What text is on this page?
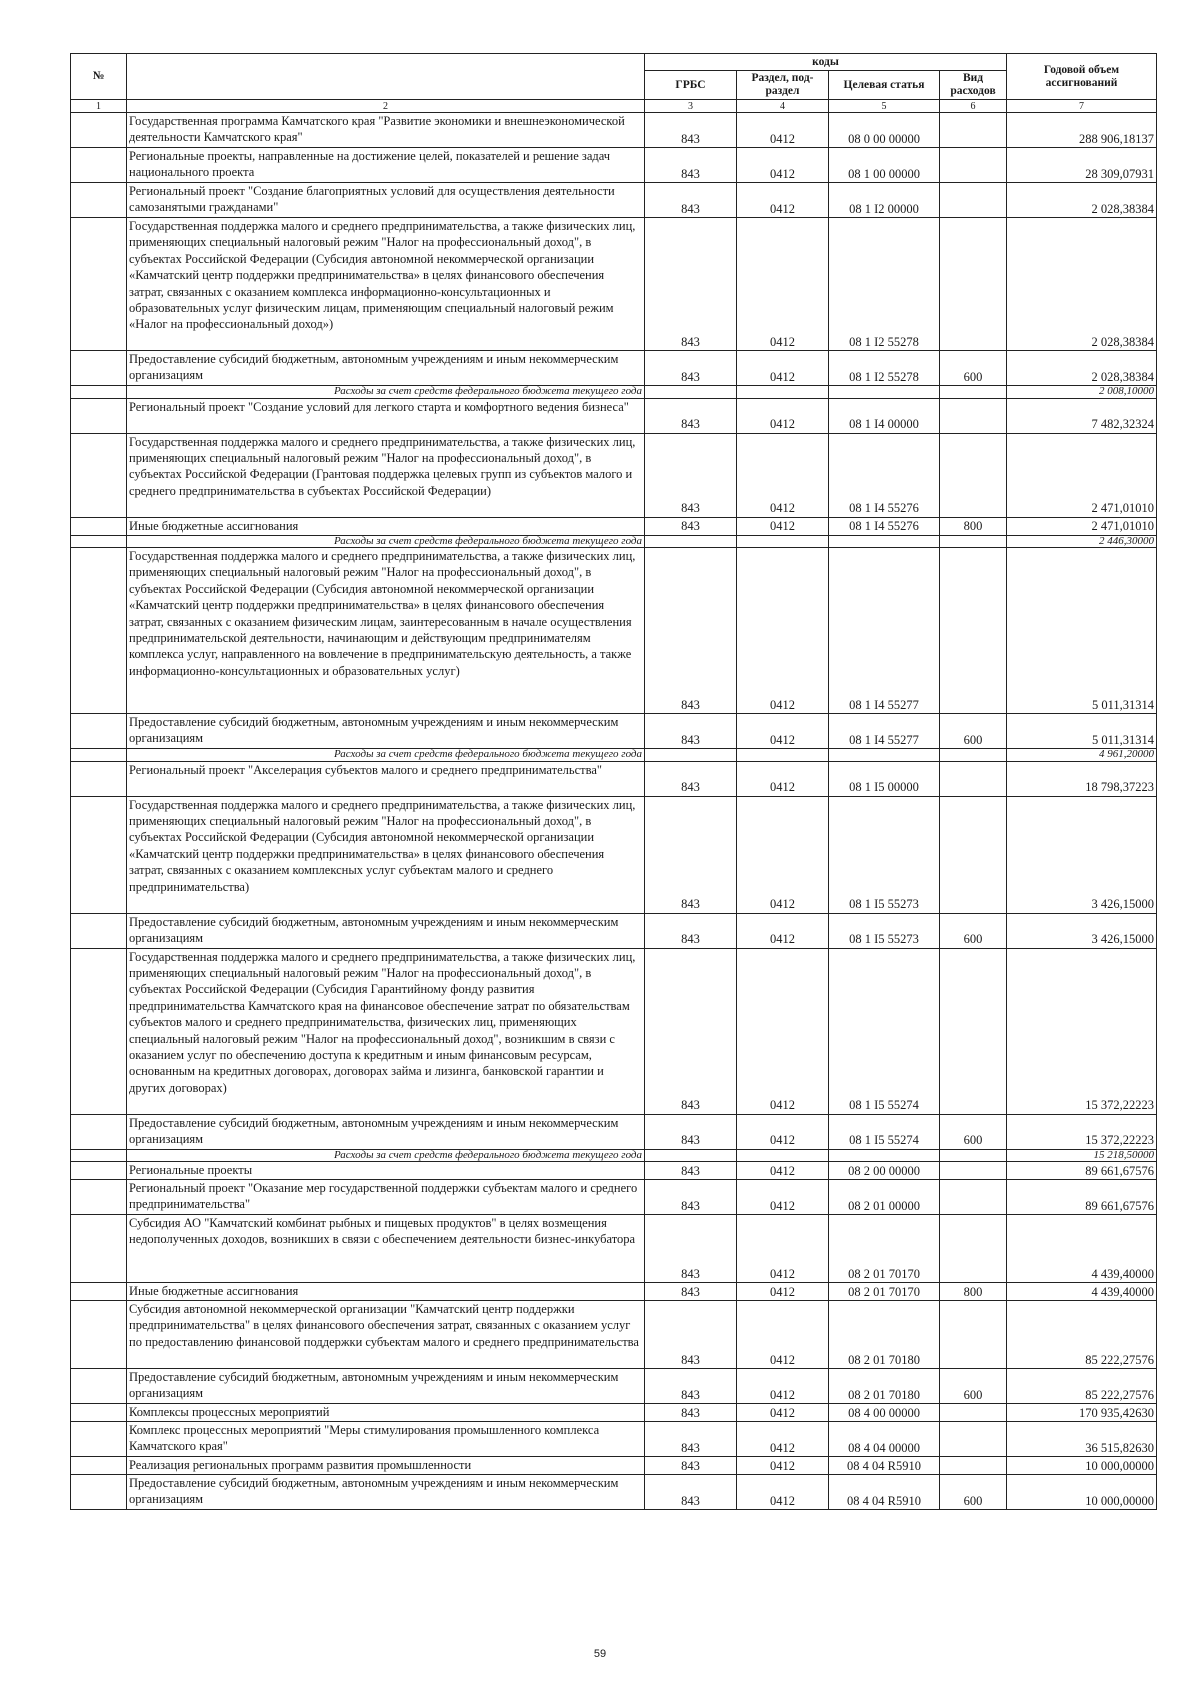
№		коды				Годовой объем ассигнований
		ГРБС	Раздел, под-раздел	Целевая статья	Вид расходов	
1	2	3	4	5	6	7
	Государственная программа Камчатского края "Развитие экономики и внешнеэкономической деятельности Камчатского края"	843	0412	08 0 00 00000		288 906,18137
	Региональные проекты, направленные на достижение целей, показателей и решение задач национального проекта	843	0412	08 1 00 00000		28 309,07931
	Региональный проект "Создание благоприятных условий для осуществления деятельности самозанятыми гражданами"	843	0412	08 1 I2 00000		2 028,38384
	Государственная поддержка малого и среднего предпринимательства, а также физических лиц, применяющих специальный налоговый режим "Налог на профессиональный доход", в субъектах Российской Федерации (Субсидия автономной некоммерческой организации «Камчатский центр поддержки предпринимательства» в целях финансового обеспечения затрат, связанных с оказанием комплекса информационно-консультационных и образовательных услуг физическим лицам, применяющим специальный налоговый режим «Налог на профессиональный доход»)	843	0412	08 1 I2 55278		2 028,38384
	Предоставление субсидий бюджетным, автономным учреждениям и иным некоммерческим организациям	843	0412	08 1 I2 55278	600	2 028,38384
	Расходы за счет средств федерального бюджета текущего года					2 008,10000
	Региональный проект "Создание условий для легкого старта и комфортного ведения бизнеса"	843	0412	08 1 I4 00000		7 482,32324
	Государственная поддержка малого и среднего предпринимательства, а также физических лиц, применяющих специальный налоговый режим "Налог на профессиональный доход", в субъектах Российской Федерации (Грантовая поддержка целевых групп из субъектов малого и среднего предпринимательства в субъектах Российской Федерации)	843	0412	08 1 I4 55276		2 471,01010
	Иные бюджетные ассигнования	843	0412	08 1 I4 55276	800	2 471,01010
	Расходы за счет средств федерального бюджета текущего года					2 446,30000
	Государственная поддержка малого и среднего предпринимательства, а также физических лиц, применяющих специальный налоговый режим "Налог на профессиональный доход", в субъектах Российской Федерации (Субсидия автономной некоммерческой организации «Камчатский центр поддержки предпринимательства» в целях финансового обеспечения затрат, связанных с оказанием физическим лицам, заинтересованным в начале осуществления предпринимательской деятельности, начинающим и действующим предпринимателям комплекса услуг, направленного на вовлечение в предпринимательскую деятельность, а также информационно-консультационных и образовательных услуг)	843	0412	08 1 I4 55277		5 011,31314
	Предоставление субсидий бюджетным, автономным учреждениям и иным некоммерческим организациям	843	0412	08 1 I4 55277	600	5 011,31314
	Расходы за счет средств федерального бюджета текущего года					4 961,20000
	Региональный проект "Акселерация субъектов малого и среднего предпринимательства"	843	0412	08 1 I5 00000		18 798,37223
	Государственная поддержка малого и среднего предпринимательства, а также физических лиц, применяющих специальный налоговый режим "Налог на профессиональный доход", в субъектах Российской Федерации (Субсидия автономной некоммерческой организации «Камчатский центр поддержки предпринимательства» в целях финансового обеспечения затрат, связанных с оказанием комплексных услуг субъектам малого и среднего предпринимательства)	843	0412	08 1 I5 55273		3 426,15000
	Предоставление субсидий бюджетным, автономным учреждениям и иным некоммерческим организациям	843	0412	08 1 I5 55273	600	3 426,15000
	Государственная поддержка малого и среднего предпринимательства, а также физических лиц, применяющих специальный налоговый режим "Налог на профессиональный доход", в субъектах Российской Федерации (Субсидия Гарантийному фонду развития предпринимательства Камчатского края на финансовое обеспечение затрат по обязательствам субъектов малого и среднего предпринимательства, физических лиц, применяющих специальный налоговый режим "Налог на профессиональный доход", возникшим в связи с оказанием услуг по обеспечению доступа к кредитным и иным финансовым ресурсам, основанным на кредитных договорах, договорах займа и лизинга, банковской гарантии и других договорах)	843	0412	08 1 I5 55274		15 372,22223
	Предоставление субсидий бюджетным, автономным учреждениям и иным некоммерческим организациям	843	0412	08 1 I5 55274	600	15 372,22223
	Расходы за счет средств федерального бюджета текущего года					15 218,50000
	Региональные проекты	843	0412	08 2 00 00000		89 661,67576
	Региональный проект "Оказание мер государственной поддержки субъектам малого и среднего предпринимательства"	843	0412	08 2 01 00000		89 661,67576
	Субсидия АО "Камчатский комбинат рыбных и пищевых продуктов" в целях возмещения недополученных доходов, возникших в связи с обеспечением деятельности бизнес-инкубатора	843	0412	08 2 01 70170		4 439,40000
	Иные бюджетные ассигнования	843	0412	08 2 01 70170	800	4 439,40000
	Субсидия автономной некоммерческой организации "Камчатский центр поддержки предпринимательства" в целях финансового обеспечения затрат, связанных с оказанием услуг по предоставлению финансовой поддержки субъектам малого и среднего предпринимательства	843	0412	08 2 01 70180		85 222,27576
	Предоставление субсидий бюджетным, автономным учреждениям и иным некоммерческим организациям	843	0412	08 2 01 70180	600	85 222,27576
	Комплексы процессных мероприятий	843	0412	08 4 00 00000		170 935,42630
	Комплекс процессных мероприятий "Меры стимулирования промышленного комплекса Камчатского края"	843	0412	08 4 04 00000		36 515,82630
	Реализация региональных программ развития промышленности	843	0412	08 4 04 R5910		10 000,00000
	Предоставление субсидий бюджетным, автономным учреждениям и иным некоммерческим организациям	843	0412	08 4 04 R5910	600	10 000,00000
59
